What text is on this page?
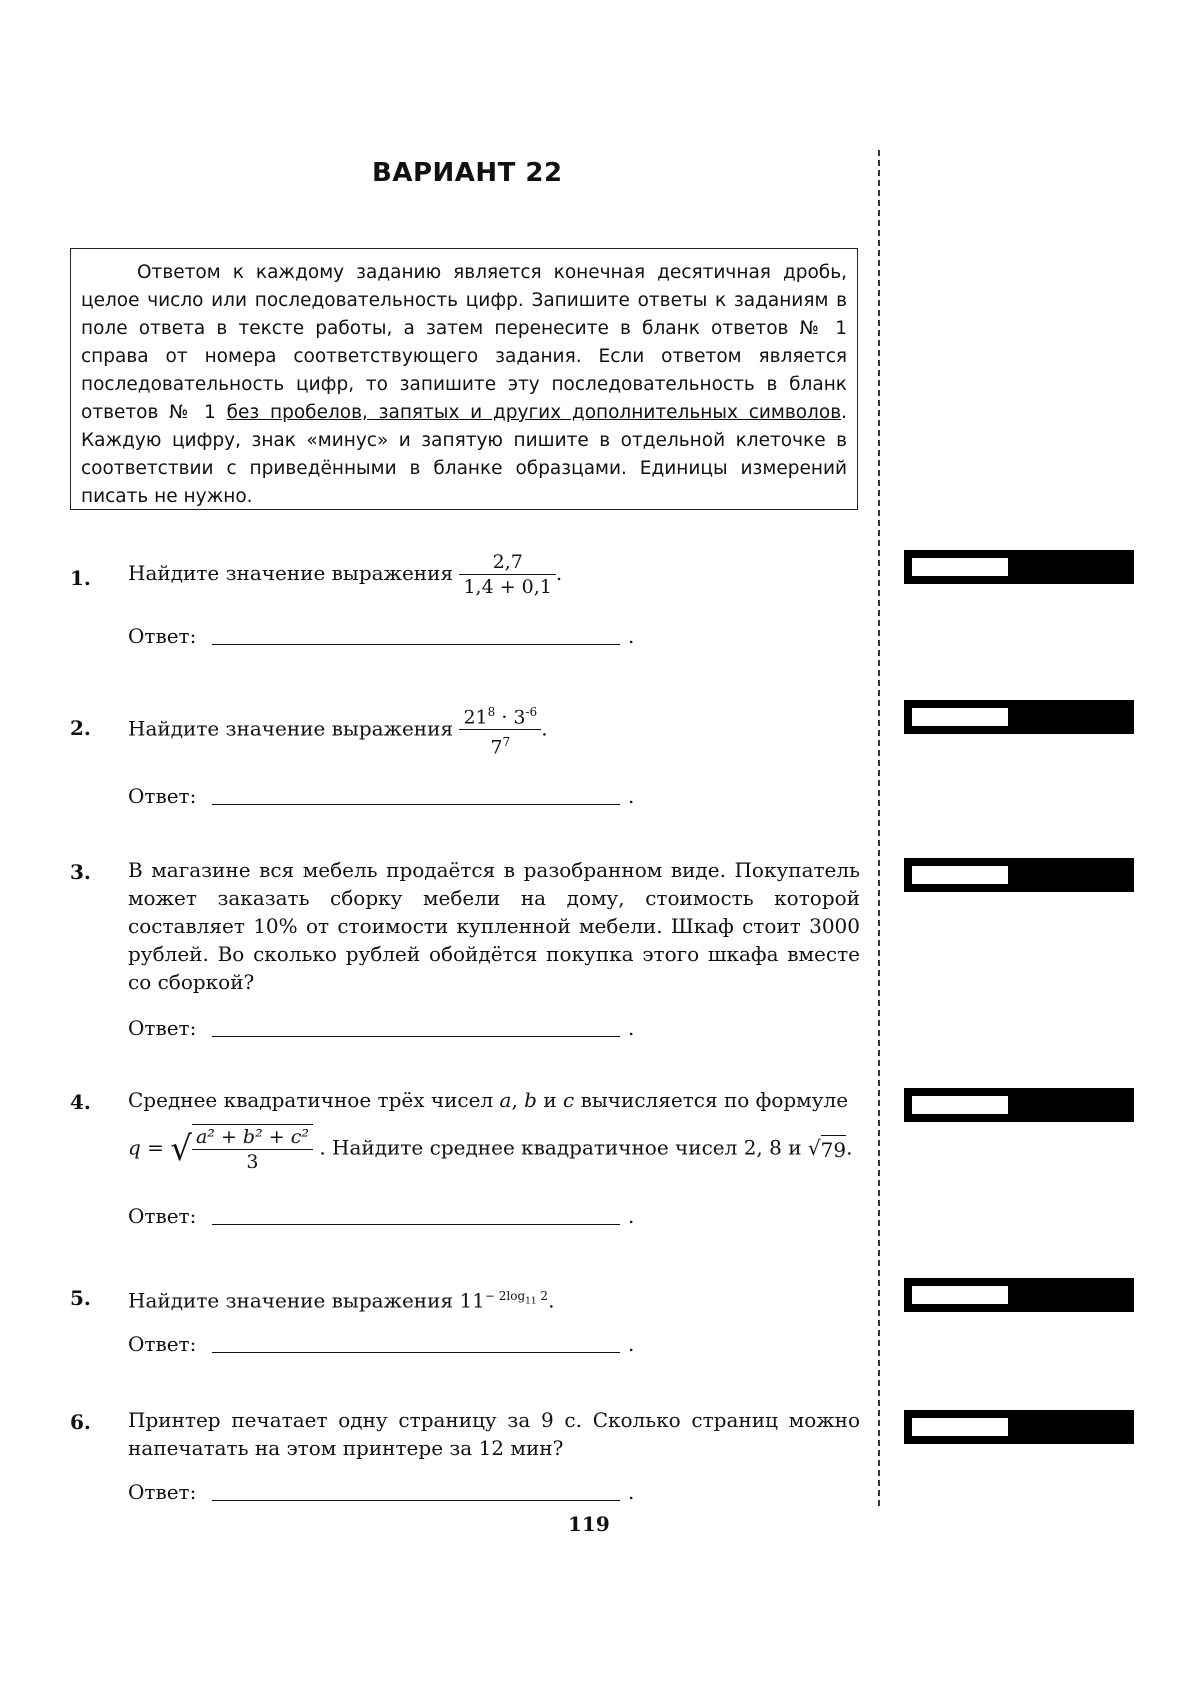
ВАРИАНТ 22

Ответом к каждому заданию является конечная десятичная дробь, целое число или последовательность цифр. Запишите ответы к заданиям в поле ответа в тексте работы, а затем перенесите в бланк ответов № 1 справа от номера соответствующего задания. Если ответом является последовательность цифр, то запишите эту последовательность в бланк ответов № 1 без пробелов, запятых и других дополнительных символов. Каждую цифру, знак «минус» и запятую пишите в отдельной клеточке в соответствии с приведёнными в бланке образцами. Единицы измерений писать не нужно.

1. Найдите значение выражения $\frac{2,7}{1,4 + 0,1}$ .
Ответ:	.
2. Найдите значение выражения $\frac{21^8 \cdot 3^{-6}}{7^7}$ .
Ответ:	.
3. В магазине вся мебель продаётся в разобранном виде. Покупатель может заказать сборку мебели на дому, стоимость которой составляет 10% от стоимости купленной мебели. Шкаф стоит 3000 рублей. Во сколько рублей обойдётся покупка этого шкафа вместе со сборкой?
Ответ:	.
4. Среднее квадратичное трёх чисел a, b и c вычисляется по формуле
q = √ $\frac{\text{a² + b² + c²}}{3}$ . Найдите среднее квадратичное чисел 2, 8 и √79.
Ответ:	.
5. Найдите значение выражения $11^{- 2log_{11} 2}$.
Ответ:	.
6. Принтер печатает одну страницу за 9 с. Сколько страниц можно напечатать на этом принтере за 12 мин?
Ответ:	.
119
